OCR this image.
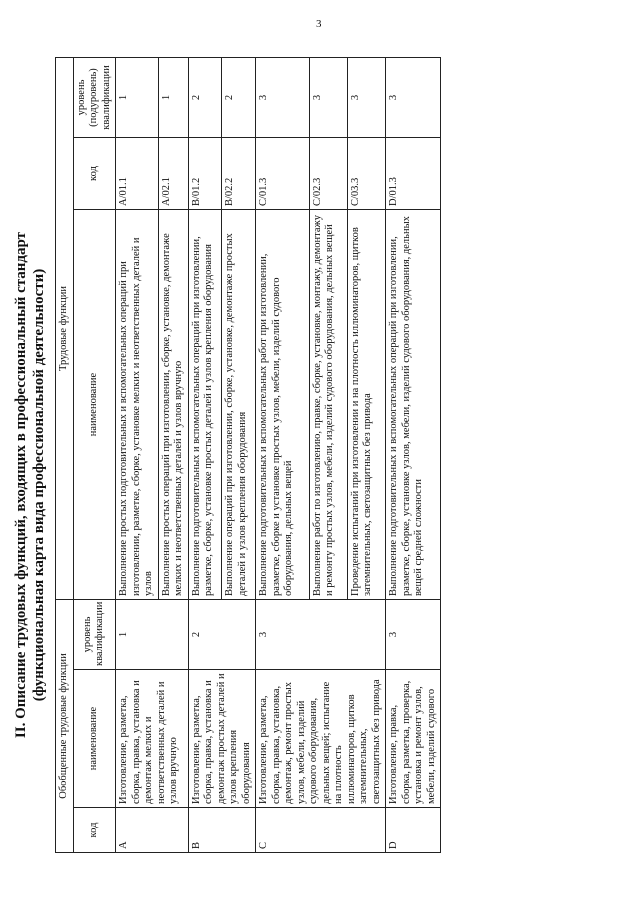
3
II. Описание трудовых функций, входящих в профессиональный стандарт (функциональная карта вида профессиональной деятельности)
Обобщенные трудовые функции			Трудовые функции		
код	наименование	уровень квалификации	наименование	код	уровень (подуровень) квалификации
A	Изготовление, разметка, сборка, правка, установка и демонтаж мелких и неответственных деталей и узлов вручную	1	Выполнение простых подготовительных и вспомогательных операций при изготовлении, разметке, сборке, установке мелких и неответственных деталей и узлов	A/01.1	1
			Выполнение простых операций при изготовлении, сборке, установке, демонтаже мелких и неответственных деталей и узлов вручную	A/02.1	1
B	Изготовление, разметка, сборка, правка, установка и демонтаж простых деталей и узлов крепления оборудования	2	Выполнение подготовительных и вспомогательных операций при изготовлении, разметке, сборке, установке простых деталей и узлов крепления оборудования	B/01.2	2
			Выполнение операций при изготовлении, сборке, установке, демонтаже простых деталей и узлов крепления оборудования	B/02.2	2
C	Изготовление, разметка, сборка, правка, установка, демонтаж, ремонт простых узлов, мебели, изделий судового оборудования, дельных вещей; испытание на плотность иллюминаторов, щитков затемнительных, светозащитных без привода	3	Выполнение подготовительных и вспомогательных работ при изготовлении, разметке, сборке и установке простых узлов, мебели, изделий судового оборудования, дельных вещей	C/01.3	3
			Выполнение работ по изготовлению, правке, сборке, установке, монтажу, демонтажу и ремонту простых узлов, мебели, изделий судового оборудования, дельных вещей	C/02.3	3
			Проведение испытаний при изготовлении и на плотность иллюминаторов, щитков затемнительных, светозащитных без привода	C/03.3	3
D	Изготовление, правка, сборка, разметка, проверка, установка и ремонт узлов, мебели, изделий судового	3	Выполнение подготовительных и вспомогательных операций при изготовлении, разметке, сборке, установке узлов, мебели, изделий судового оборудования, дельных вещей средней сложности	D/01.3	3
